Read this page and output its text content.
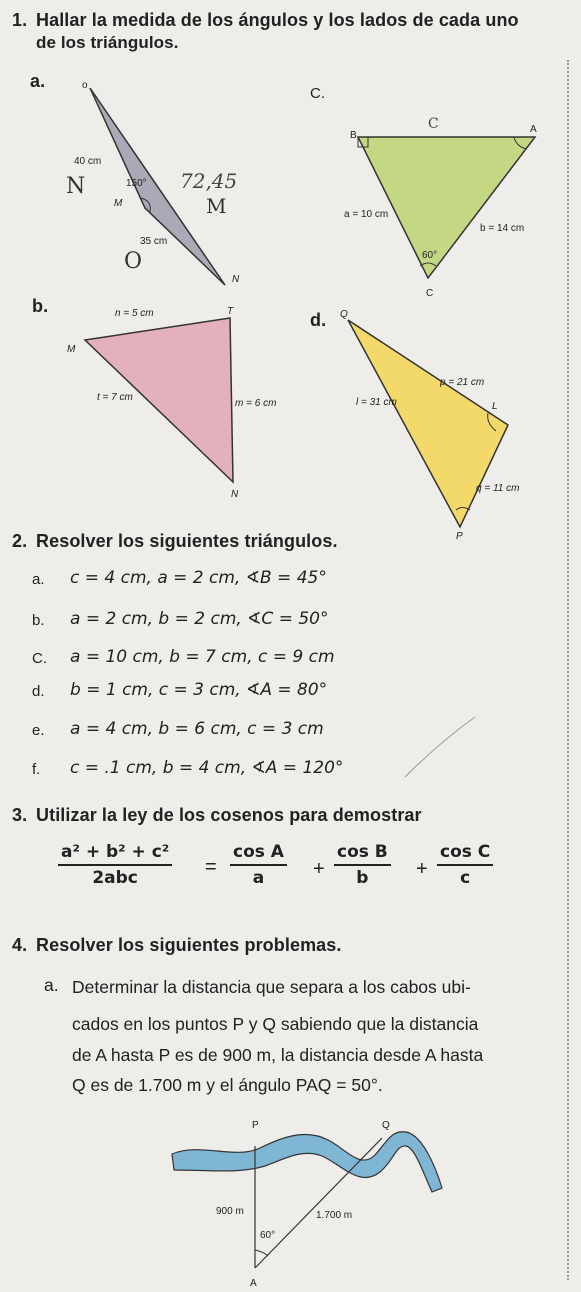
1. Hallar la medida de los ángulos y los lados de cada uno
de los triángulos.
a.	o
M
N
40 cm
35 cm
150°
N	72,45
M
O
C.
B
A
C
a = 10 cm
b = 14 cm
60°
C
b.
M
T
N
n = 5 cm
m = 6 cm
t = 7 cm
d. Q
L
P
p = 21 cm
l = 31 cm
q = 11 cm
2. Resolver los siguientes triángulos.
a. c = 4 cm, a = 2 cm, ∢B = 45°
b. a = 2 cm, b = 2 cm, ∢C = 50°
C. a = 10 cm, b = 7 cm, c = 9 cm
d. b = 1 cm, c = 3 cm, ∢A = 80°
e. a = 4 cm, b = 6 cm, c = 3 cm
f. c = .1 cm, b = 4 cm, ∢A = 120°
3. Utilizar la ley de los cosenos para demostrar
a² + b² + c²
2abc	= $\frac{\text{cos A}}{a} + \frac{\text{cos B}}{b} + \frac{\text{cos C}}{c}$
4. Resolver los siguientes problemas.
a. Determinar la distancia que separa a los cabos ubi-
cados en los puntos P y Q sabiendo que la distancia
de A hasta P es de 900 m, la distancia desde A hasta
Q es de 1.700 m y el ángulo PAQ = 50°.
P	Q
A
900 m	1.700 m
60°
